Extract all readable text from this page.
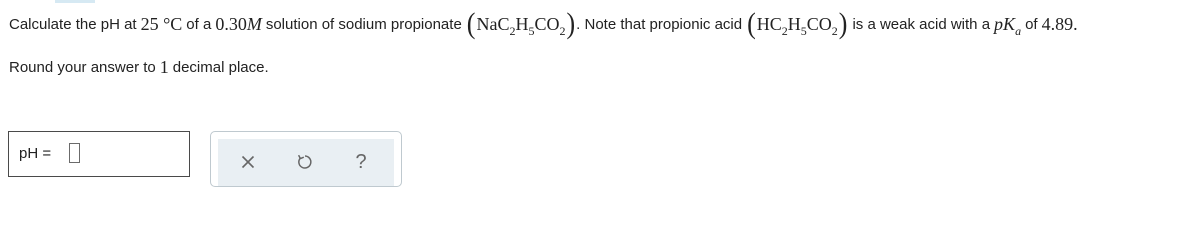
Calculate the pH at 25 °C of a 0.30 M solution of sodium propionate ( $NaC_2H_5CO_2$ ) . Note that propionic acid ( $HC_2H_5CO_2$ ) is a weak acid with a $pK_a$ of 4.89.
Round your answer to 1 decimal place.
pH =	?
